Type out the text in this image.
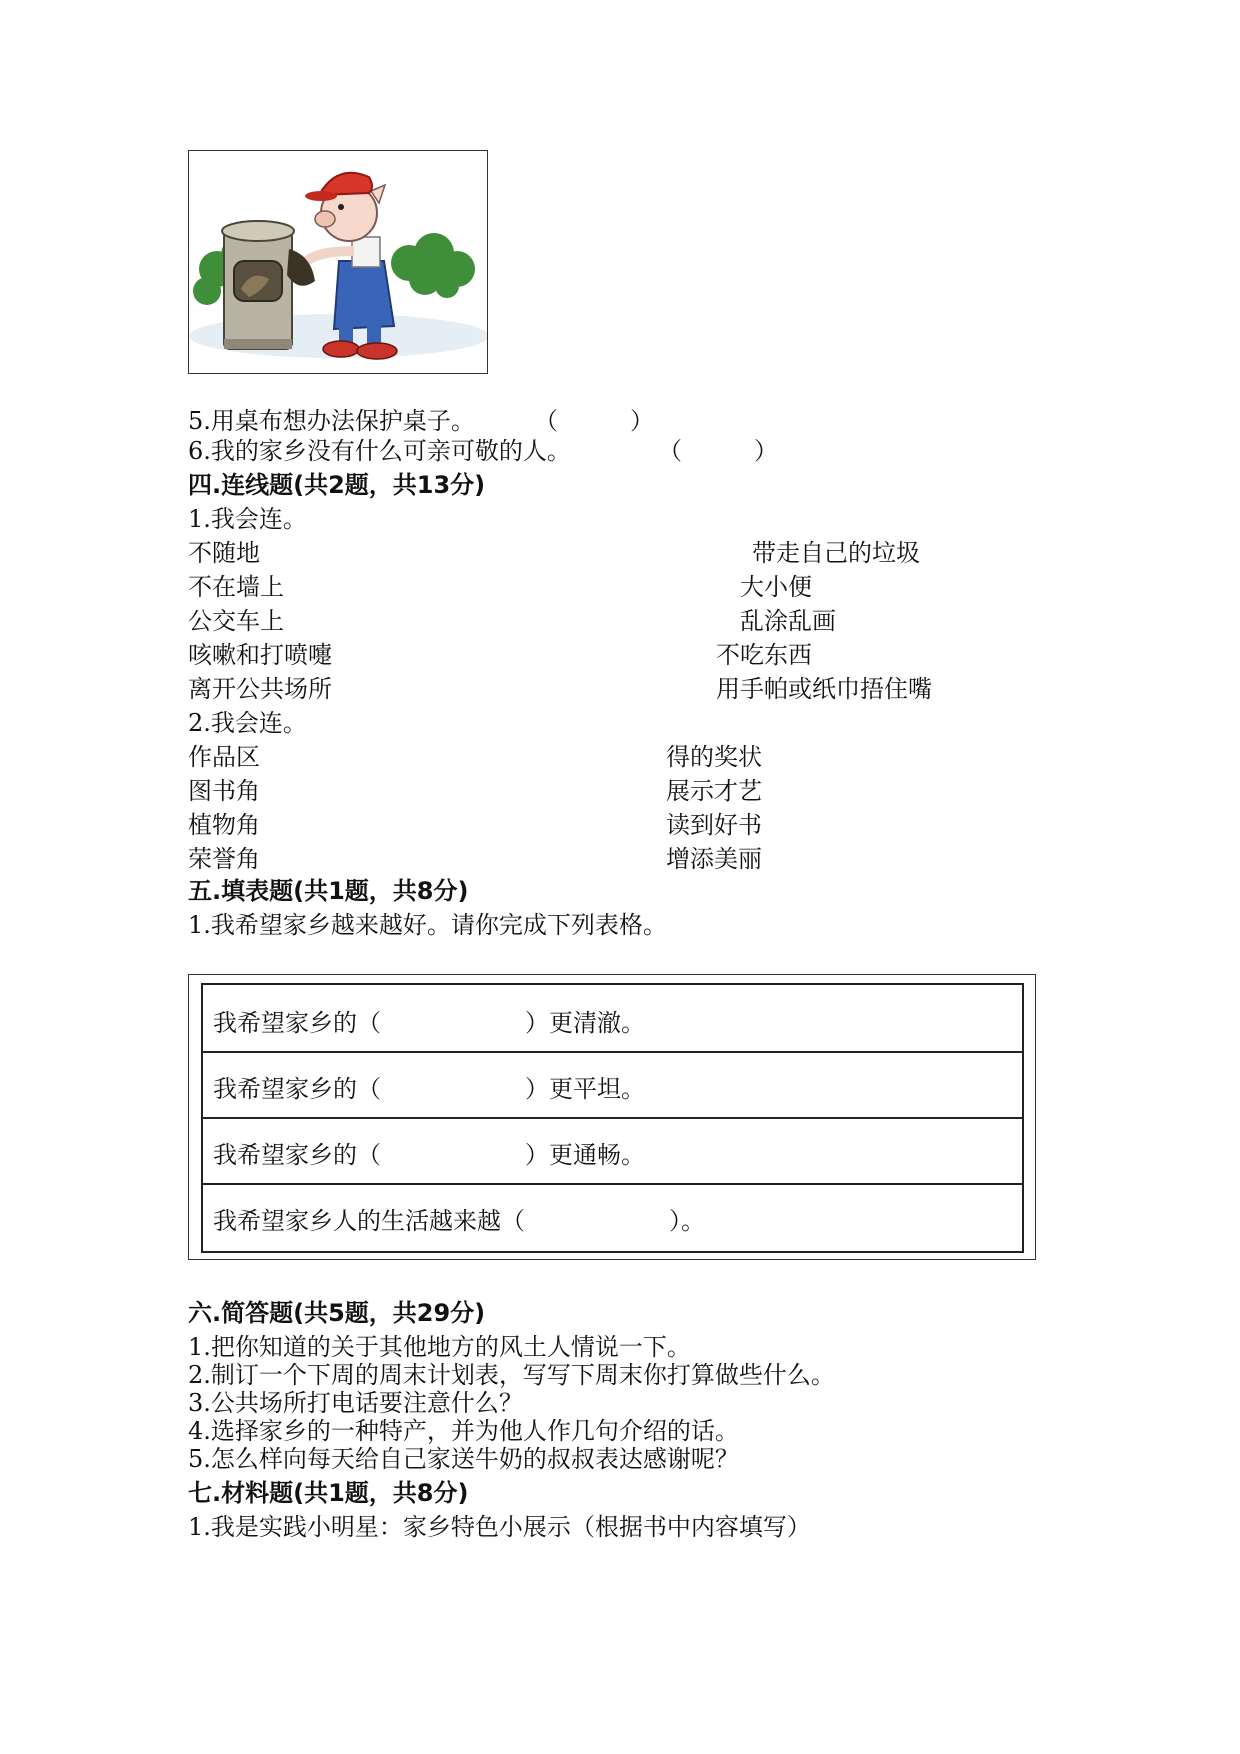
5.用桌布想办法保护桌子。 （　　　）
6.我的家乡没有什么可亲可敬的人。	（　　　）
四.连线题(共2题，共13分)
1.我会连。
不随地
不在墙上
公交车上
咳嗽和打喷嚏
离开公共场所
带走自己的垃圾
大小便
乱涂乱画
不吃东西
用手帕或纸巾捂住嘴
2.我会连。
作品区
图书角
植物角
荣誉角
得的奖状
展示才艺
读到好书
增添美丽
五.填表题(共1题，共8分)
1.我希望家乡越来越好。请你完成下列表格。
我希望家乡的（　　　　　　）更清澈。
我希望家乡的（　　　　　　）更平坦。
我希望家乡的（　　　　　　）更通畅。
我希望家乡人的生活越来越（　　　　　　）。
六.简答题(共5题，共29分)
1.把你知道的关于其他地方的风土人情说一下。
2.制订一个下周的周末计划表，写写下周末你打算做些什么。
3.公共场所打电话要注意什么？
4.选择家乡的一种特产，并为他人作几句介绍的话。
5.怎么样向每天给自己家送牛奶的叔叔表达感谢呢？
七.材料题(共1题，共8分)
1.我是实践小明星：家乡特色小展示（根据书中内容填写）
